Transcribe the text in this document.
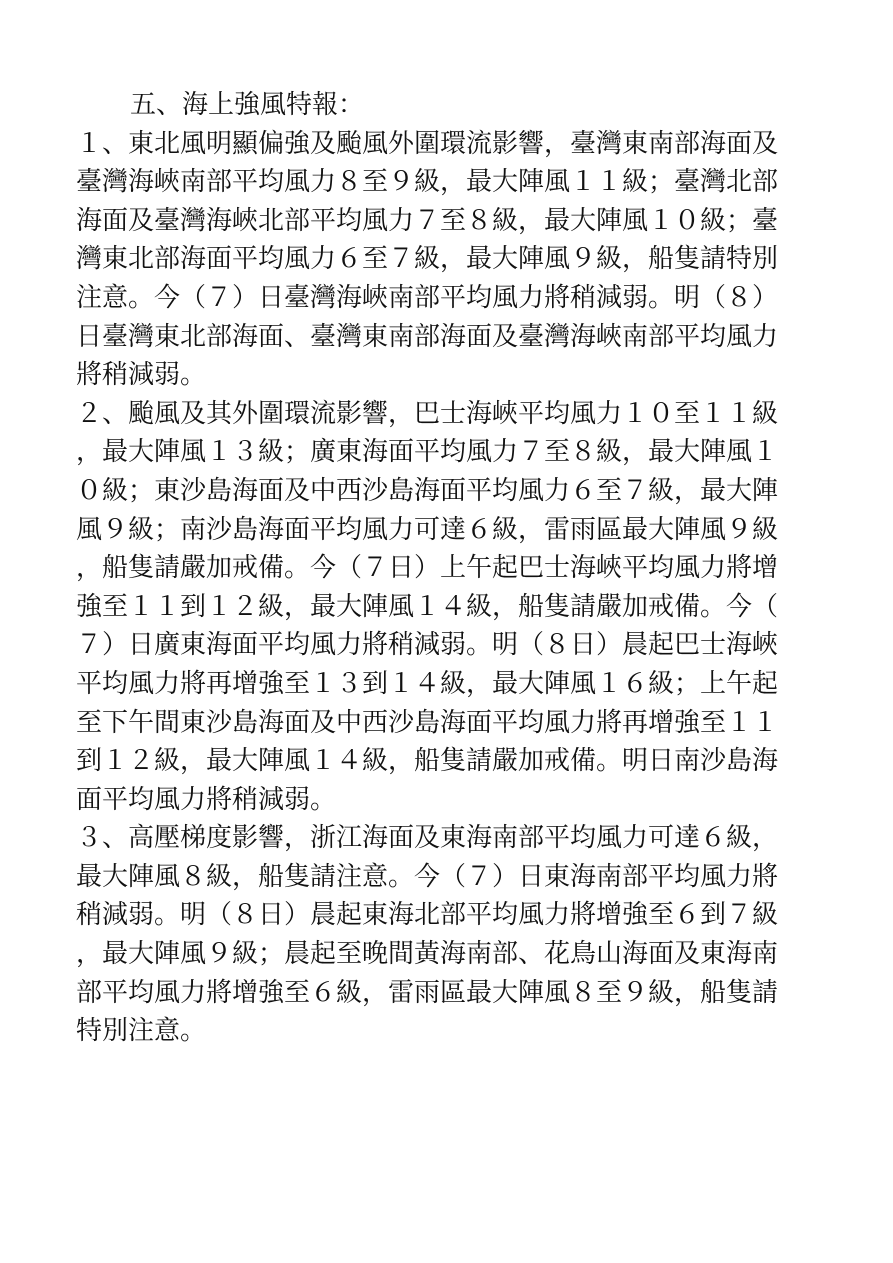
五、海上強風特報：
１、東北風明顯偏強及颱風外圍環流影響，臺灣東南部海面及
臺灣海峽南部平均風力８至９級，最大陣風１１級；臺灣北部
海面及臺灣海峽北部平均風力７至８級，最大陣風１０級；臺
灣東北部海面平均風力６至７級，最大陣風９級，船隻請特別
注意。今（７）日臺灣海峽南部平均風力將稍減弱。明（８）
日臺灣東北部海面、臺灣東南部海面及臺灣海峽南部平均風力
將稍減弱。
２、颱風及其外圍環流影響，巴士海峽平均風力１０至１１級
，最大陣風１３級；廣東海面平均風力７至８級，最大陣風１
０級；東沙島海面及中西沙島海面平均風力６至７級，最大陣
風９級；南沙島海面平均風力可達６級，雷雨區最大陣風９級
，船隻請嚴加戒備。今（７日）上午起巴士海峽平均風力將增
強至１１到１２級，最大陣風１４級，船隻請嚴加戒備。今（
７）日廣東海面平均風力將稍減弱。明（８日）晨起巴士海峽
平均風力將再增強至１３到１４級，最大陣風１６級；上午起
至下午間東沙島海面及中西沙島海面平均風力將再增強至１１
到１２級，最大陣風１４級，船隻請嚴加戒備。明日南沙島海
面平均風力將稍減弱。
３、高壓梯度影響，浙江海面及東海南部平均風力可達６級，
最大陣風８級，船隻請注意。今（７）日東海南部平均風力將
稍減弱。明（８日）晨起東海北部平均風力將增強至６到７級
，最大陣風９級；晨起至晚間黃海南部、花鳥山海面及東海南
部平均風力將增強至６級，雷雨區最大陣風８至９級，船隻請
特別注意。
